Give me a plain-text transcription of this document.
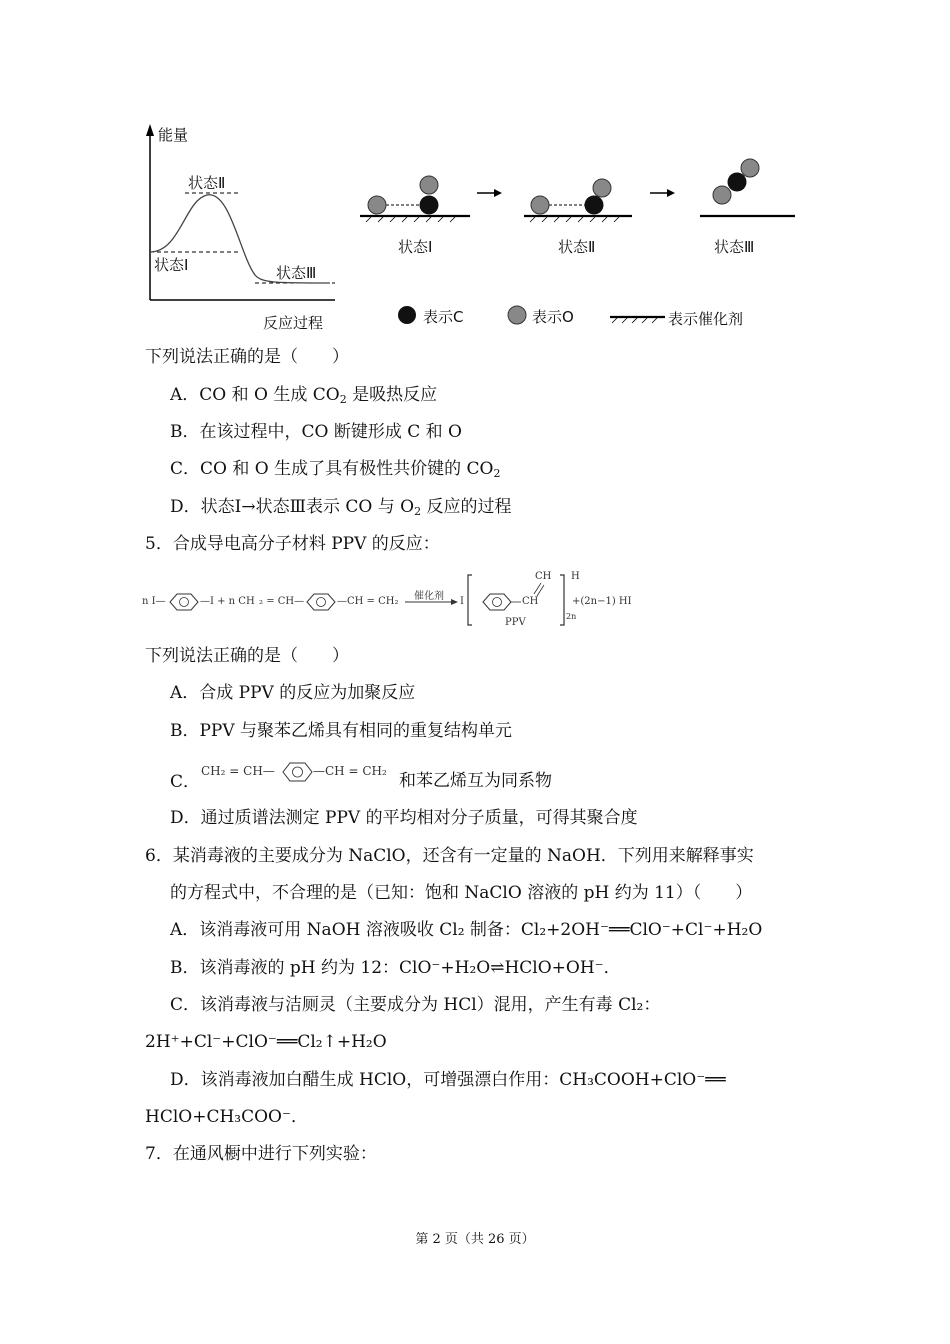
能量
反应过程
状态Ⅱ
状态Ⅰ	状态Ⅲ
状态Ⅰ	状态Ⅱ	状态Ⅲ
表示C	表示O	表示催化剂
下列说法正确的是（　　）
A．CO 和 O 生成 $CO_2$ 是吸热反应
B．在该过程中，CO 断键形成 C 和 O
C．CO 和 O 生成了具有极性共价键的 $CO_2$
D．状态Ⅰ→状态Ⅲ表示 CO 与 $O_2$ 反应的过程
5．合成导电高分子材料 PPV 的反应：
n I—	—I + n CH ₂ = CH—	—CH = CH₂ 催化剂 I	CH
CH H
2n
+(2n−1) HI
PPV
下列说法正确的是（　　）
A．合成 PPV 的反应为加聚反应
B．PPV 与聚苯乙烯具有相同的重复结构单元
C．
CH₂ = CH—	—CH = CH₂ 和苯乙烯互为同系物
D．通过质谱法测定 PPV 的平均相对分子质量，可得其聚合度
6．某消毒液的主要成分为 NaClO，还含有一定量的 NaOH．下列用来解释事实
的方程式中，不合理的是（已知：饱和 NaClO 溶液的 pH 约为 11）（　　）
A．该消毒液可用 NaOH 溶液吸收 Cl₂ 制备：Cl₂+2OH⁻══ClO⁻+Cl⁻+H₂O
B．该消毒液的 pH 约为 12：ClO⁻+H₂O⇌HClO+OH⁻．
C．该消毒液与洁厕灵（主要成分为 HCl）混用，产生有毒 Cl₂：
2H⁺+Cl⁻+ClO⁻══Cl₂↑+H₂O
D．该消毒液加白醋生成 HClO，可增强漂白作用：CH₃COOH+ClO⁻══
HClO+CH₃COO⁻．
7．在通风橱中进行下列实验：
第 2 页（共 26 页）
